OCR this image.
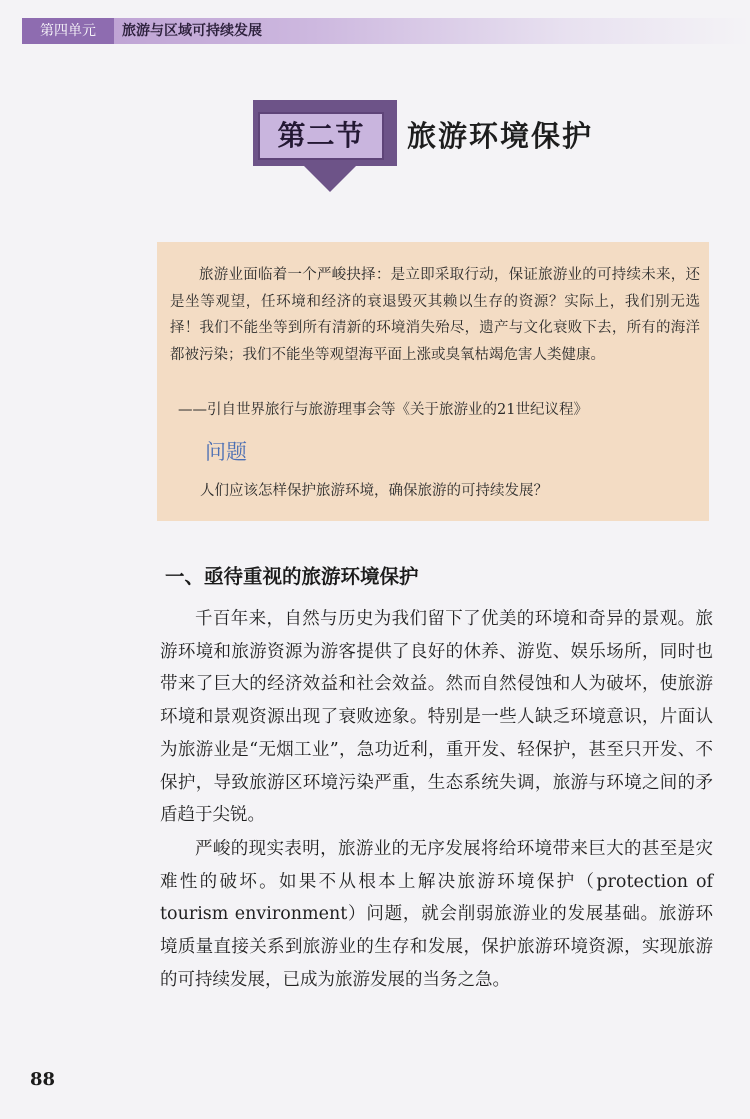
第四单元	旅游与区域可持续发展
第二节	旅游环境保护

旅游业面临着一个严峻抉择：是立即采取行动，保证旅游业的可持续未来，还是坐等观望，任环境和经济的衰退毁灭其赖以生存的资源？实际上，我们别无选择！我们不能坐等到所有清新的环境消失殆尽，遗产与文化衰败下去，所有的海洋都被污染；我们不能坐等观望海平面上涨或臭氧枯竭危害人类健康。

——引自世界旅行与旅游理事会等《关于旅游业的21世纪议程》

问题

人们应该怎样保护旅游环境，确保旅游的可持续发展？

一、亟待重视的旅游环境保护

千百年来，自然与历史为我们留下了优美的环境和奇异的景观。旅游环境和旅游资源为游客提供了良好的休养、游览、娱乐场所，同时也带来了巨大的经济效益和社会效益。然而自然侵蚀和人为破坏，使旅游环境和景观资源出现了衰败迹象。特别是一些人缺乏环境意识，片面认为旅游业是“无烟工业”，急功近利，重开发、轻保护，甚至只开发、不保护，导致旅游区环境污染严重，生态系统失调，旅游与环境之间的矛盾趋于尖锐。

严峻的现实表明，旅游业的无序发展将给环境带来巨大的甚至是灾难性的破坏。如果不从根本上解决旅游环境保护（protection of tourism environment）问题，就会削弱旅游业的发展基础。旅游环境质量直接关系到旅游业的生存和发展，保护旅游环境资源，实现旅游的可持续发展，已成为旅游发展的当务之急。

88
